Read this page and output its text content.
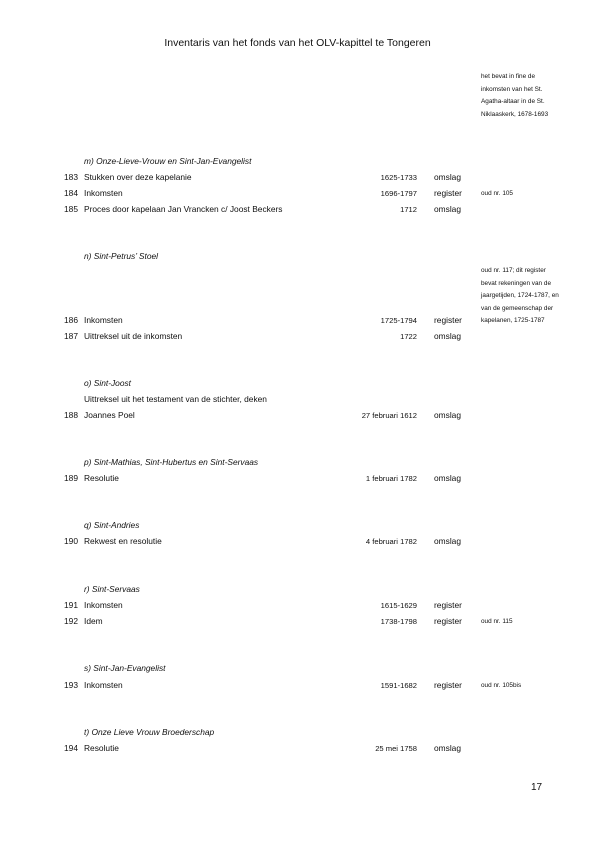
Inventaris van het fonds van het OLV-kapittel te Tongeren
het bevat in fine de
inkomsten van het St.
Agatha-altaar in de St.
Niklaaskerk, 1678-1693
m) Onze-Lieve-Vrouw en Sint-Jan-Evangelist
183 Stukken over deze kapelanie	1625-1733 omslag
184 Inkomsten	1696-1797 register	oud nr. 105
185 Proces door kapelaan Jan Vrancken c/ Joost Beckers	1712 omslag
n) Sint-Petrus’ Stoel
oud nr. 117; dit register
bevat rekeningen van de
jaargetijden, 1724-1787, en
van de gemeenschap der
kapelanen, 1725-1787
186 Inkomsten	1725-1794 register
187 Uittreksel uit de inkomsten	1722 omslag
o) Sint-Joost
Uittreksel uit het testament van de stichter, deken
188 Joannes Poel	27 februari 1612 omslag
p) Sint-Mathias, Sint-Hubertus en Sint-Servaas
189 Resolutie	1 februari 1782 omslag
q) Sint-Andries
190 Rekwest en resolutie	4 februari 1782 omslag
r) Sint-Servaas
191 Inkomsten	1615-1629 register
192 Idem	1738-1798 register	oud nr. 115
s) Sint-Jan-Evangelist
193 Inkomsten	1591-1682 register	oud nr. 105bis
t) Onze Lieve Vrouw Broederschap
194 Resolutie	25 mei 1758 omslag
17
